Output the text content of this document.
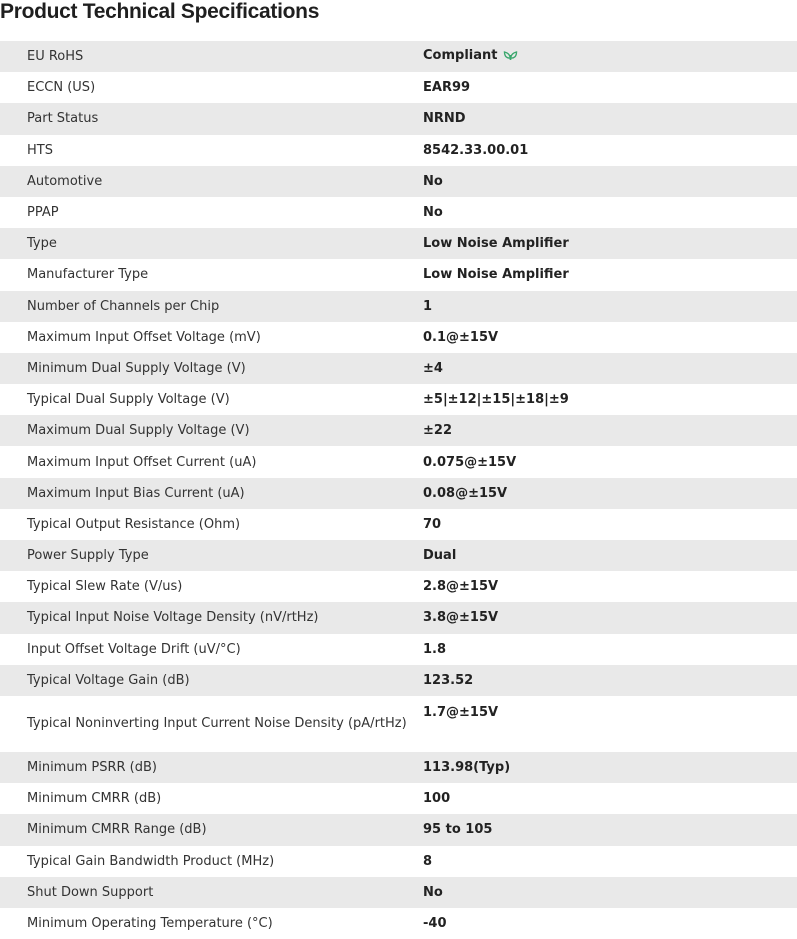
Product Technical Specifications
EU RoHS	Compliant
ECCN (US)	EAR99
Part Status	NRND
HTS	8542.33.00.01
Automotive	No
PPAP	No
Type	Low Noise Amplifier
Manufacturer Type	Low Noise Amplifier
Number of Channels per Chip	1
Maximum Input Offset Voltage (mV)	0.1@±15V
Minimum Dual Supply Voltage (V)	±4
Typical Dual Supply Voltage (V)	±5|±12|±15|±18|±9
Maximum Dual Supply Voltage (V)	±22
Maximum Input Offset Current (uA)	0.075@±15V
Maximum Input Bias Current (uA)	0.08@±15V
Typical Output Resistance (Ohm)	70
Power Supply Type	Dual
Typical Slew Rate (V/us)	2.8@±15V
Typical Input Noise Voltage Density (nV/rtHz)	3.8@±15V
Input Offset Voltage Drift (uV/°C)	1.8
Typical Voltage Gain (dB)	123.52
Typical Noninverting Input Current Noise Density (pA/rtHz)	1.7@±15V
Minimum PSRR (dB)	113.98(Typ)
Minimum CMRR (dB)	100
Minimum CMRR Range (dB)	95 to 105
Typical Gain Bandwidth Product (MHz)	8
Shut Down Support	No
Minimum Operating Temperature (°C)	-40
